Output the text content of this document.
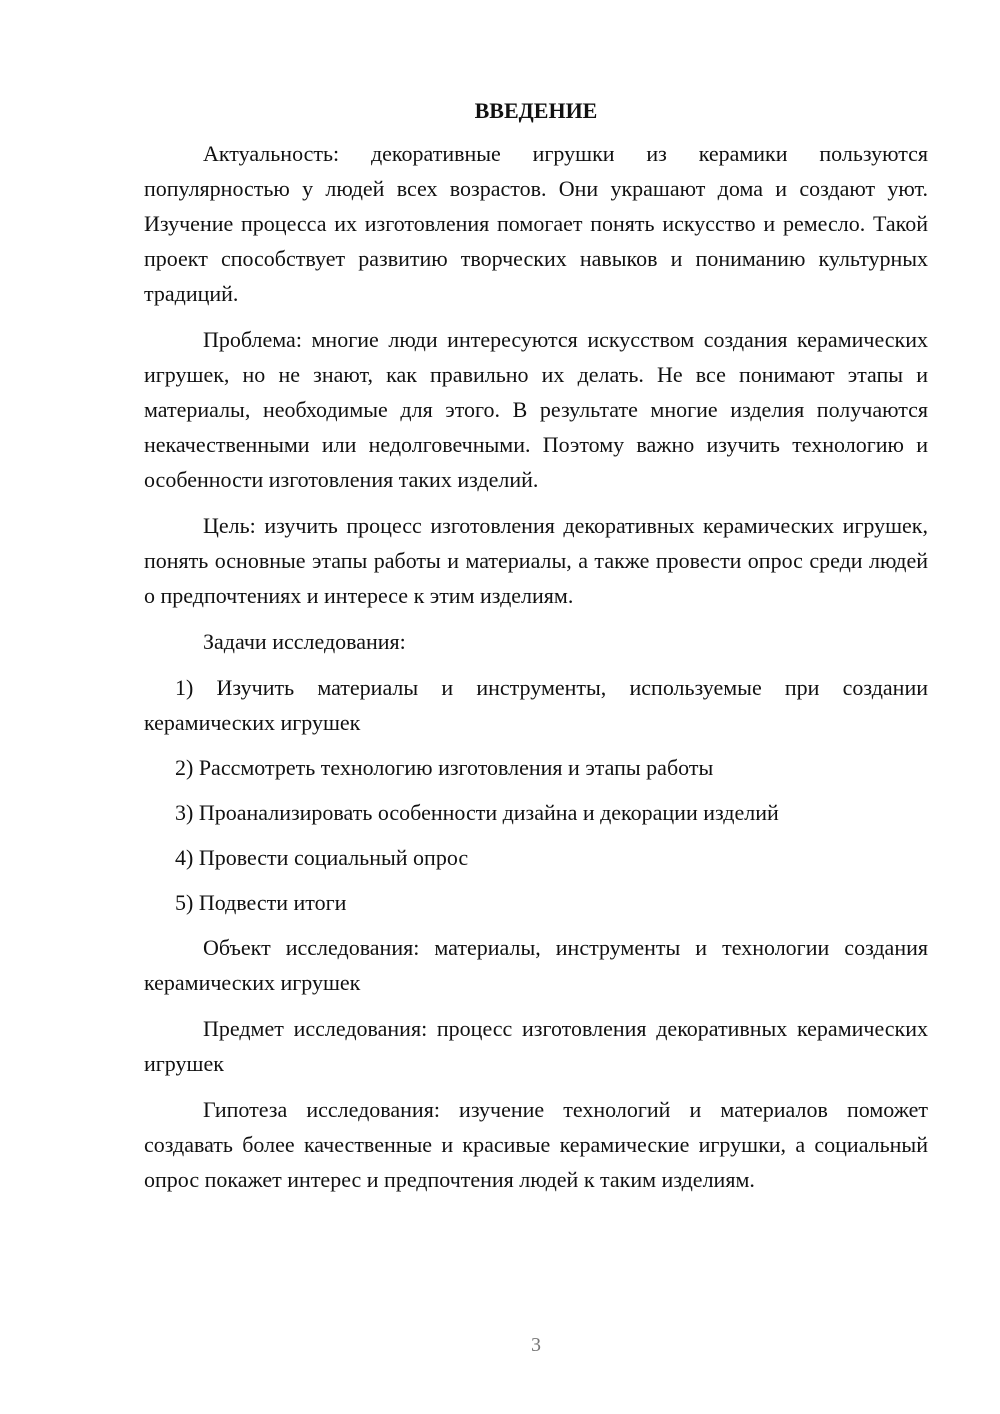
ВВЕДЕНИЕ

Актуальность: декоративные игрушки из керамики пользуются популярностью у людей всех возрастов. Они украшают дома и создают уют. Изучение процесса их изготовления помогает понять искусство и ремесло. Такой проект способствует развитию творческих навыков и пониманию культурных традиций.

Проблема: многие люди интересуются искусством создания керамических игрушек, но не знают, как правильно их делать. Не все понимают этапы и материалы, необходимые для этого. В результате многие изделия получаются некачественными или недолговечными. Поэтому важно изучить технологию и особенности изготовления таких изделий.

Цель: изучить процесс изготовления декоративных керамических игрушек, понять основные этапы работы и материалы, а также провести опрос среди людей о предпочтениях и интересе к этим изделиям.

Задачи исследования:

1) Изучить материалы и инструменты, используемые при создании керамических игрушек

2) Рассмотреть технологию изготовления и этапы работы

3) Проанализировать особенности дизайна и декорации изделий

4) Провести социальный опрос

5) Подвести итоги

Объект исследования: материалы, инструменты и технологии создания керамических игрушек

Предмет исследования: процесс изготовления декоративных керамических игрушек

Гипотеза исследования: изучение технологий и материалов поможет создавать более качественные и красивые керамические игрушки, а социальный опрос покажет интерес и предпочтения людей к таким изделиям.

3
